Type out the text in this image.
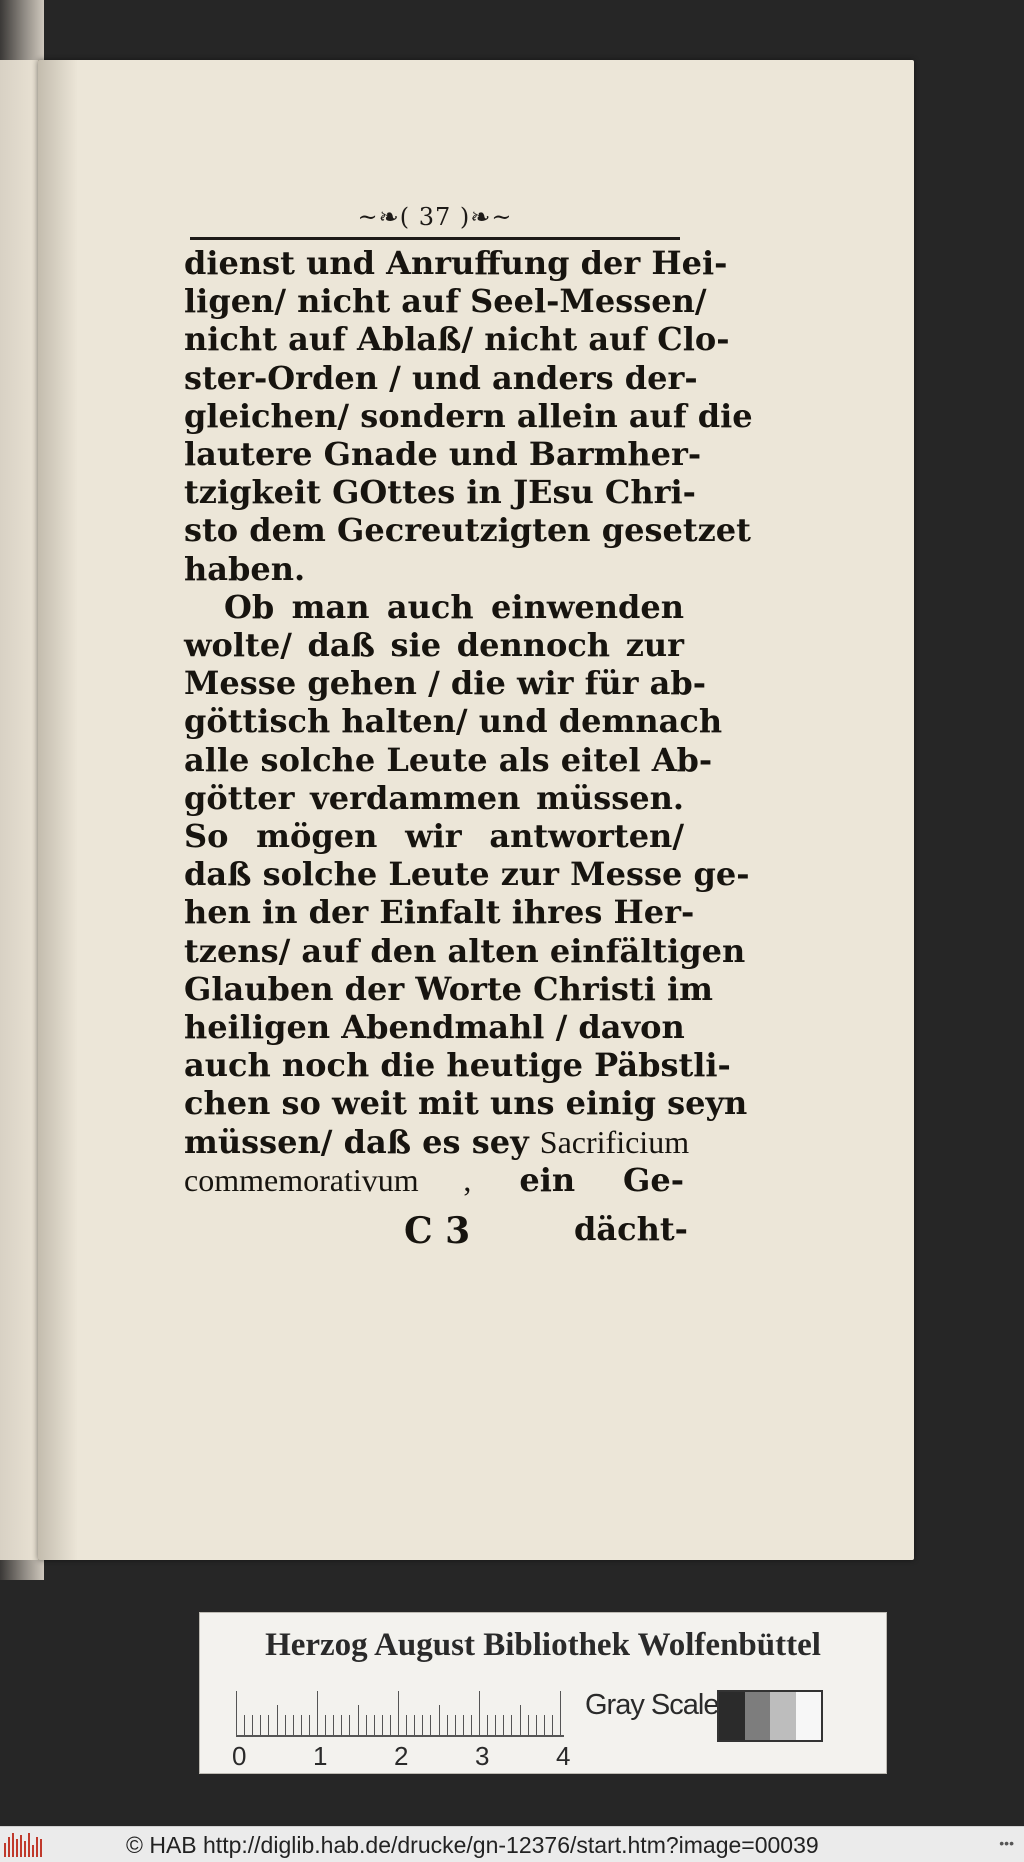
~❧( 37 )❧~
dienst und Anruffung der Hei-
ligen/ nicht auf Seel-Messen/
nicht auf Ablaß/ nicht auf Clo-
ster-Orden / und anders der-
gleichen/ sondern allein auf die
lautere Gnade und Barmher-
tzigkeit GOttes in JEsu Chri-
sto dem Gecreutzigten gesetzet
haben.
Ob man auch einwenden
wolte/ daß sie dennoch zur
Messe gehen / die wir für ab-
göttisch halten/ und demnach
alle solche Leute als eitel Ab-
götter verdammen müssen.
So mögen wir antworten/
daß solche Leute zur Messe ge-
hen in der Einfalt ihres Her-
tzens/ auf den alten einfältigen
Glauben der Worte Christi im
heiligen Abendmahl / davon
auch noch die heutige Päbstli-
chen so weit mit uns einig seyn
müssen/ daß es sey Sacrificium
commemorativum , ein Ge-
C 3	dächt-
Herzog August Bibliothek Wolfenbüttel
0	1	2	3	4
Gray Scale
© HAB http://diglib.hab.de/drucke/gn-12376/start.htm?image=00039	•••
